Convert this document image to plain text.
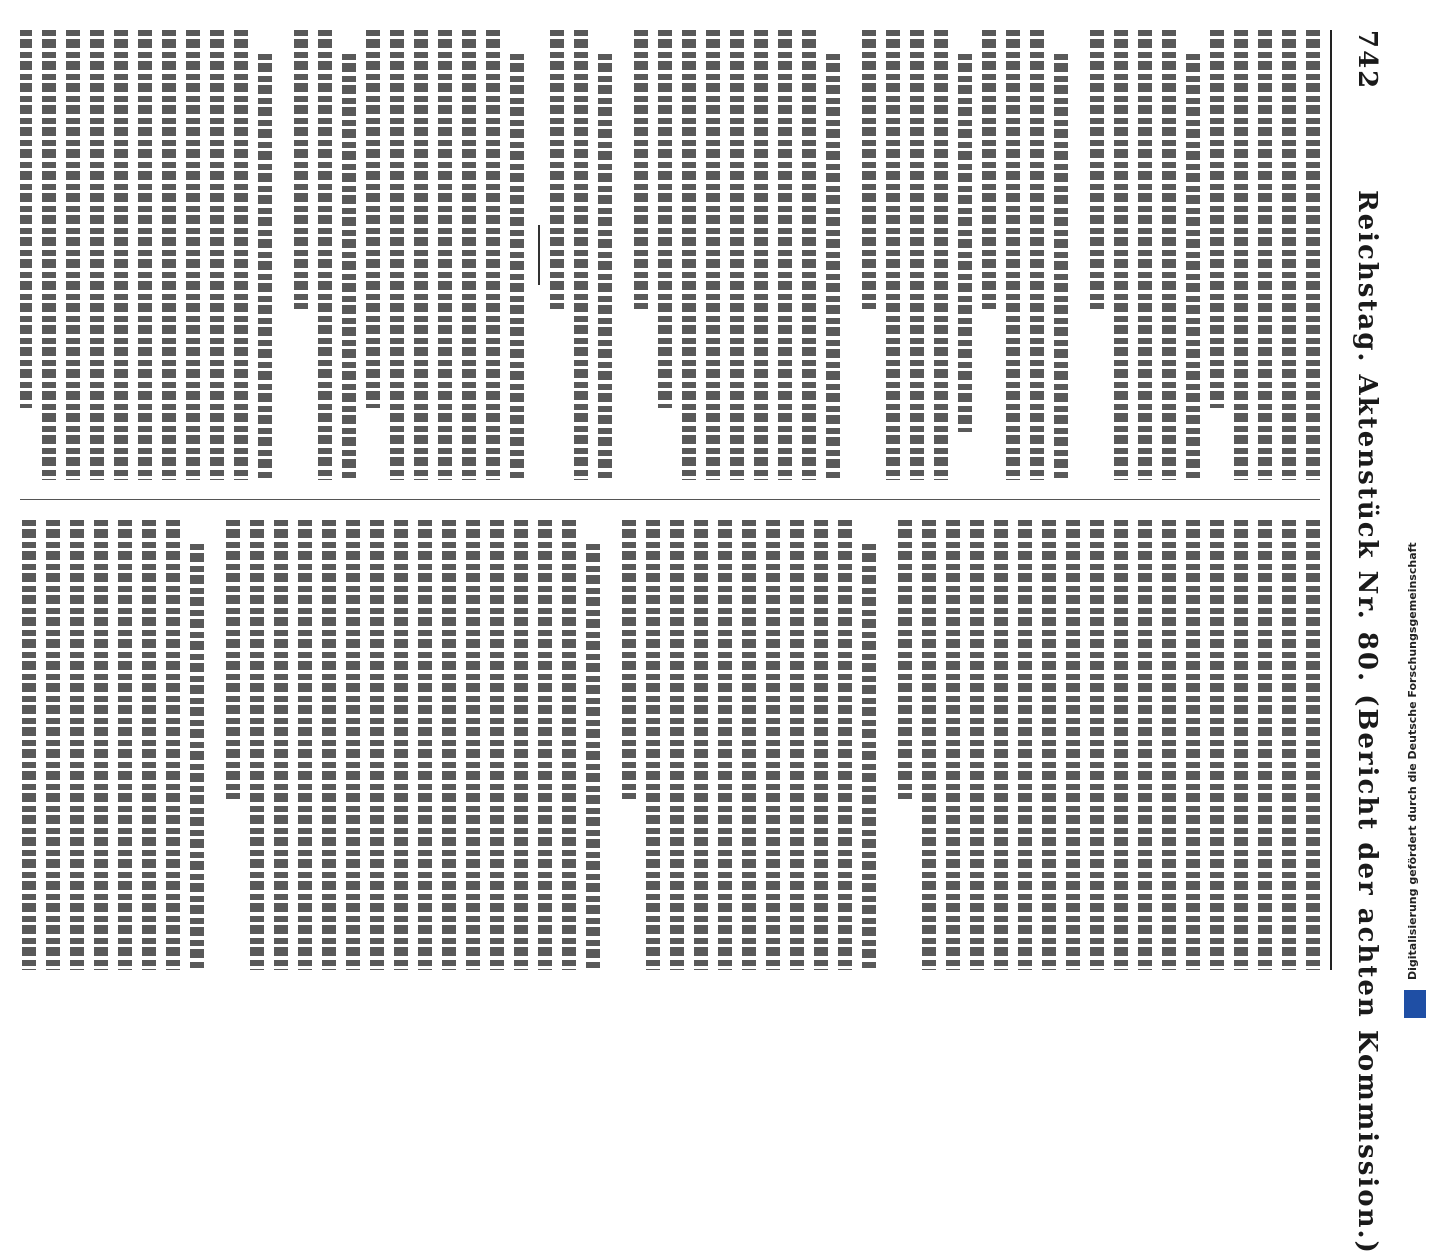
742
Reichstag. Aktenstück Nr. 80. (Bericht der achten Kommission.) Digitalisierung gefördert durch die Deutsche Forschungsgemeinschaft
